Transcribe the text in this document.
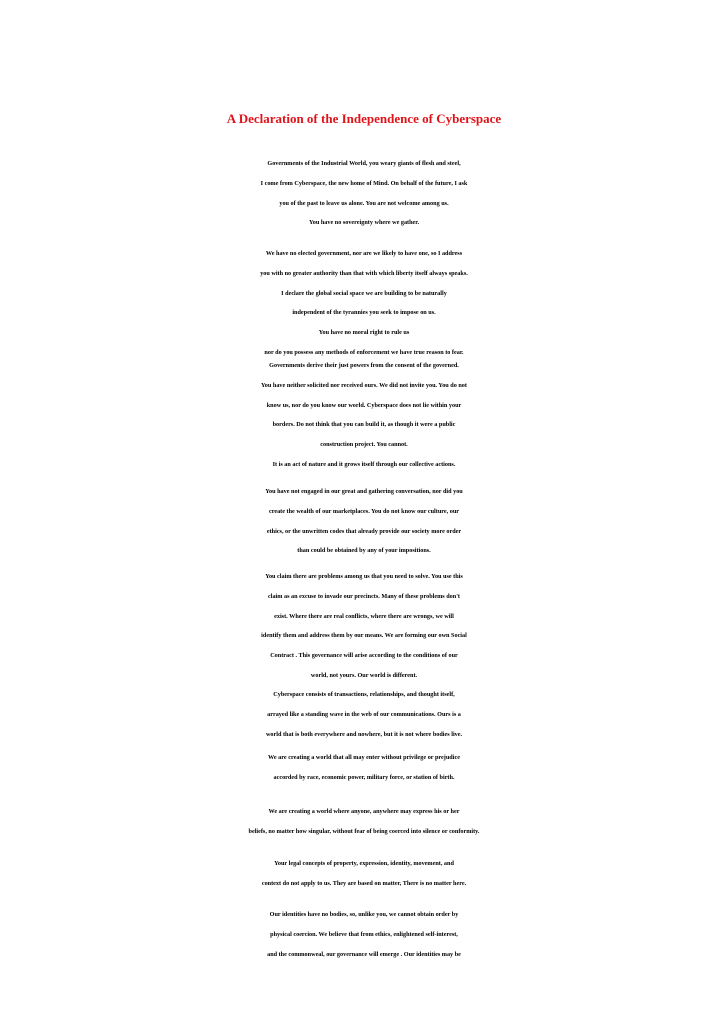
A Declaration of the Independence of Cyberspace
Governments of the Industrial World, you weary giants of flesh and steel,
I come from Cyberspace, the new home of Mind. On behalf of the future, I ask
you of the past to leave us alone. You are not welcome among us.
You have no sovereignty where we gather.
We have no elected government, nor are we likely to have one, so I address
you with no greater authority than that with which liberty itself always speaks.
I declare the global social space we are building to be naturally
independent of the tyrannies you seek to impose on us.
You have no moral right to rule us
nor do you possess any methods of enforcement we have true reason to fear.
Governments derive their just powers from the consent of the governed.
You have neither solicited nor received ours. We did not invite you. You do not
know us, nor do you know our world. Cyberspace does not lie within your
borders. Do not think that you can build it, as though it were a public
construction project. You cannot.
It is an act of nature and it grows itself through our collective actions.
You have not engaged in our great and gathering conversation, nor did you
create the wealth of our marketplaces. You do not know our culture, our
ethics, or the unwritten codes that already provide our society more order
than could be obtained by any of your impositions.
You claim there are problems among us that you need to solve. You use this
claim as an excuse to invade our precincts. Many of these problems don't
exist. Where there are real conflicts, where there are wrongs, we will
identify them and address them by our means. We are forming our own Social
Contract . This governance will arise according to the conditions of our
world, not yours. Our world is different.
Cyberspace consists of transactions, relationships, and thought itself,
arrayed like a standing wave in the web of our communications. Ours is a
world that is both everywhere and nowhere, but it is not where bodies live.
We are creating a world that all may enter without privilege or prejudice
accorded by race, economic power, military force, or station of birth.
We are creating a world where anyone, anywhere may express his or her
beliefs, no matter how singular, without fear of being coerced into silence or conformity.
Your legal concepts of property, expression, identity, movement, and
context do not apply to us. They are based on matter, There is no matter here.
Our identities have no bodies, so, unlike you, we cannot obtain order by
physical coercion. We believe that from ethics, enlightened self-interest,
and the commonweal, our governance will emerge . Our identities may be
